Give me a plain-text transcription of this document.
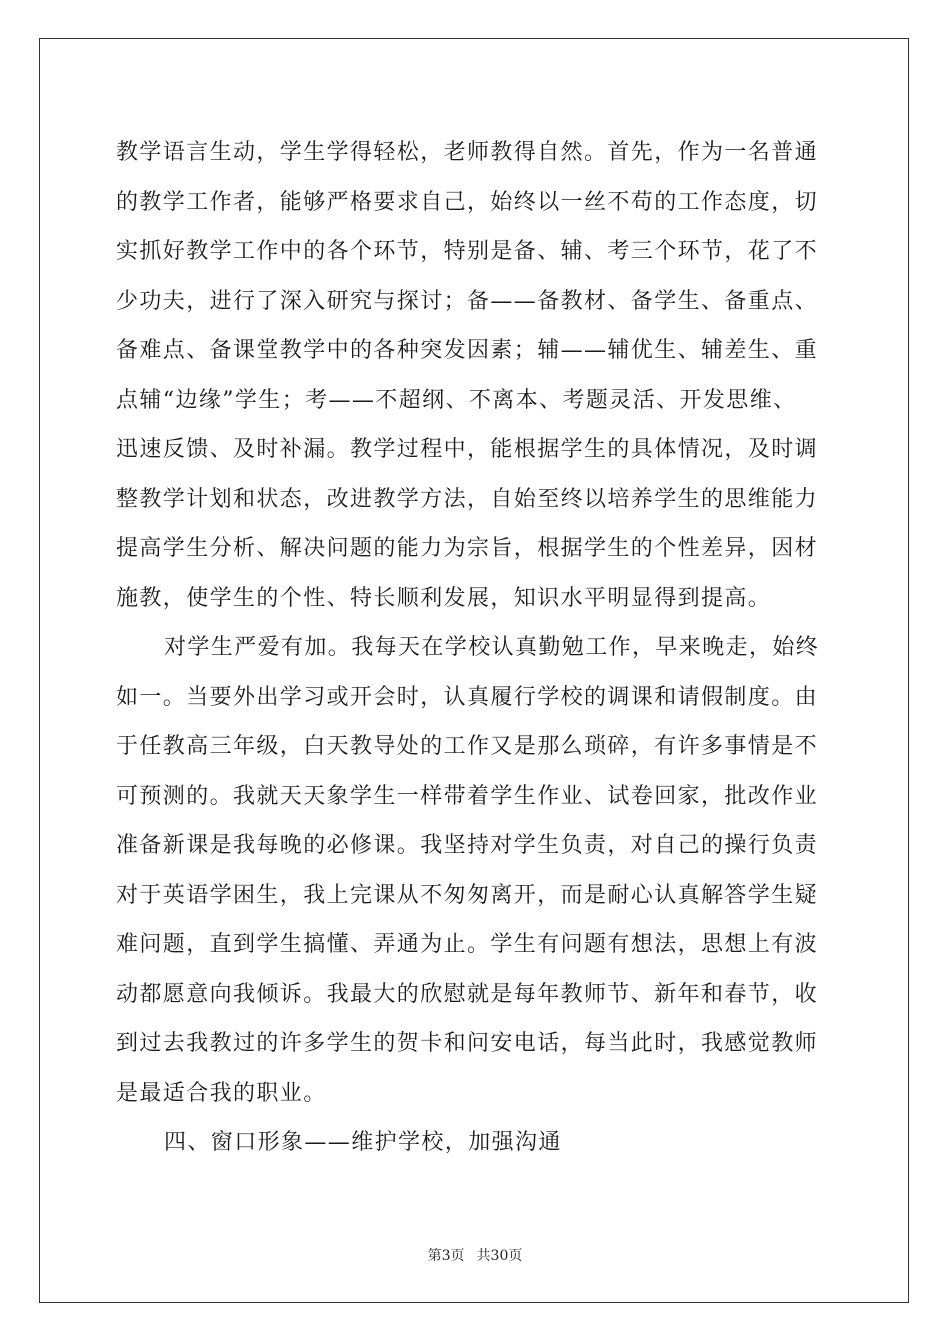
教学语言生动，学生学得轻松，老师教得自然。首先，作为一名普通
的教学工作者，能够严格要求自己，始终以一丝不苟的工作态度，切
实抓好教学工作中的各个环节，特别是备、辅、考三个环节，花了不
少功夫，进行了深入研究与探讨；备——备教材、备学生、备重点、
备难点、备课堂教学中的各种突发因素；辅——辅优生、辅差生、重
点辅“边缘”学生；考——不超纲、不离本、考题灵活、开发思维、
迅速反馈、及时补漏。教学过程中，能根据学生的具体情况，及时调
整教学计划和状态，改进教学方法，自始至终以培养学生的思维能力
提高学生分析、解决问题的能力为宗旨，根据学生的个性差异，因材
施教，使学生的个性、特长顺利发展，知识水平明显得到提高。
对学生严爱有加。我每天在学校认真勤勉工作，早来晚走，始终
如一。当要外出学习或开会时，认真履行学校的调课和请假制度。由
于任教高三年级，白天教导处的工作又是那么琐碎，有许多事情是不
可预测的。我就天天象学生一样带着学生作业、试卷回家，批改作业
准备新课是我每晚的必修课。我坚持对学生负责，对自己的操行负责
对于英语学困生，我上完课从不匆匆离开，而是耐心认真解答学生疑
难问题，直到学生搞懂、弄通为止。学生有问题有想法，思想上有波
动都愿意向我倾诉。我最大的欣慰就是每年教师节、新年和春节，收
到过去我教过的许多学生的贺卡和问安电话，每当此时，我感觉教师
是最适合我的职业。
四、窗口形象——维护学校，加强沟通
第3页 共30页
